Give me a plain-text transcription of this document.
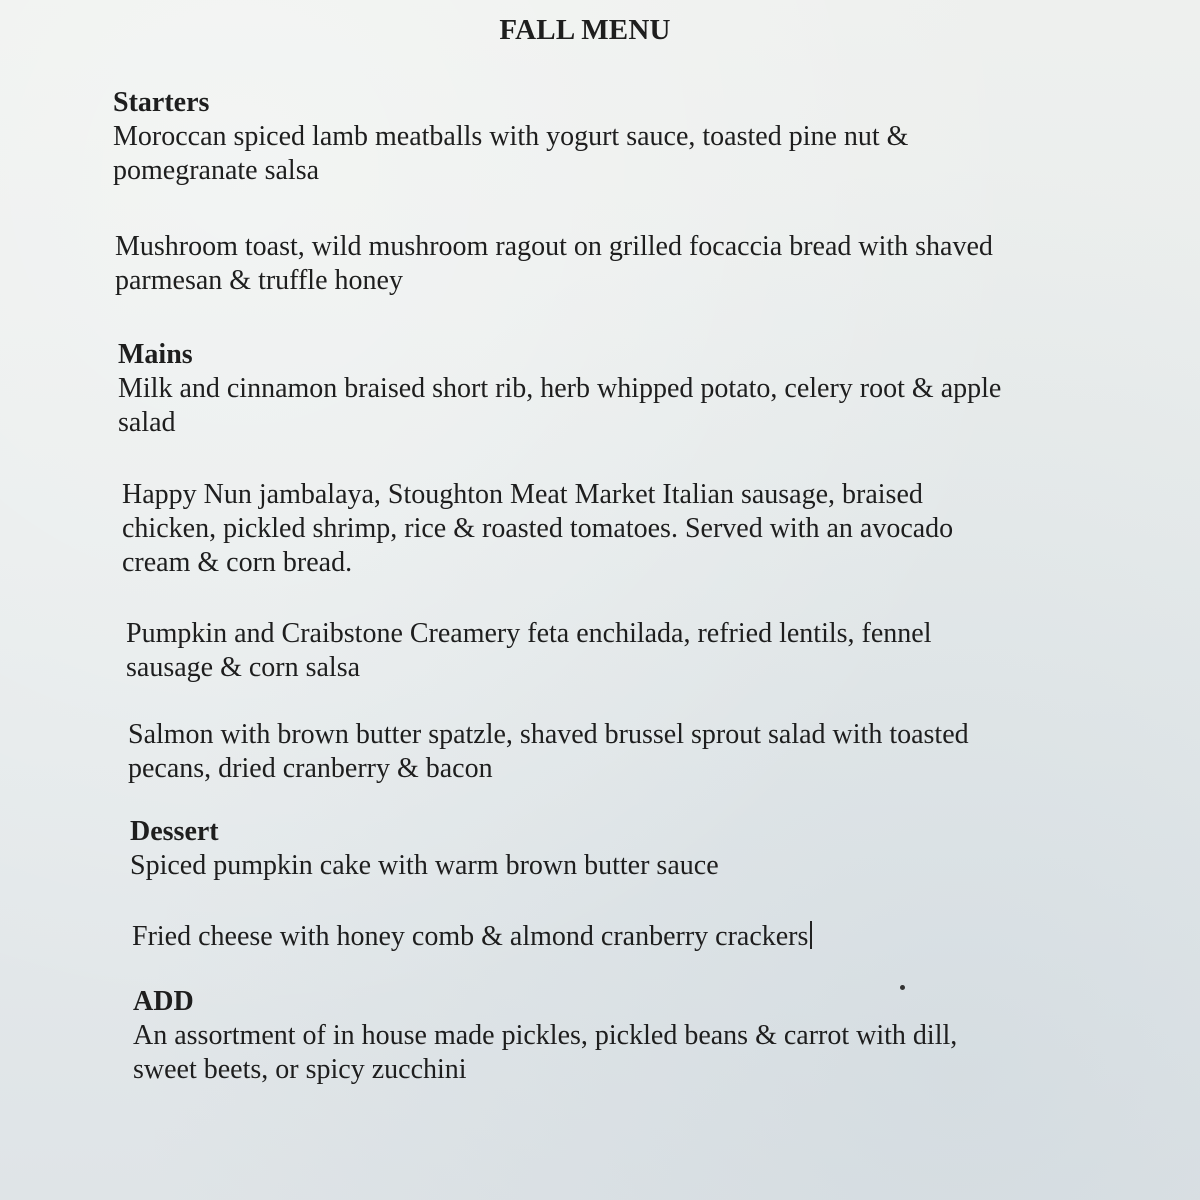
FALL MENU
Starters

Moroccan spiced lamb meatballs with yogurt sauce, toasted pine nut & pomegranate salsa

Mushroom toast, wild mushroom ragout on grilled focaccia bread with shaved parmesan & truffle honey

Mains

Milk and cinnamon braised short rib, herb whipped potato, celery root & apple salad

Happy Nun jambalaya, Stoughton Meat Market Italian sausage, braised chicken, pickled shrimp, rice & roasted tomatoes. Served with an avocado cream & corn bread.

Pumpkin and Craibstone Creamery feta enchilada, refried lentils, fennel sausage & corn salsa

Salmon with brown butter spatzle, shaved brussel sprout salad with toasted pecans, dried cranberry & bacon

Dessert

Spiced pumpkin cake with warm brown butter sauce

Fried cheese with honey comb & almond cranberry crackers

ADD

An assortment of in house made pickles, pickled beans & carrot with dill, sweet beets, or spicy zucchini
